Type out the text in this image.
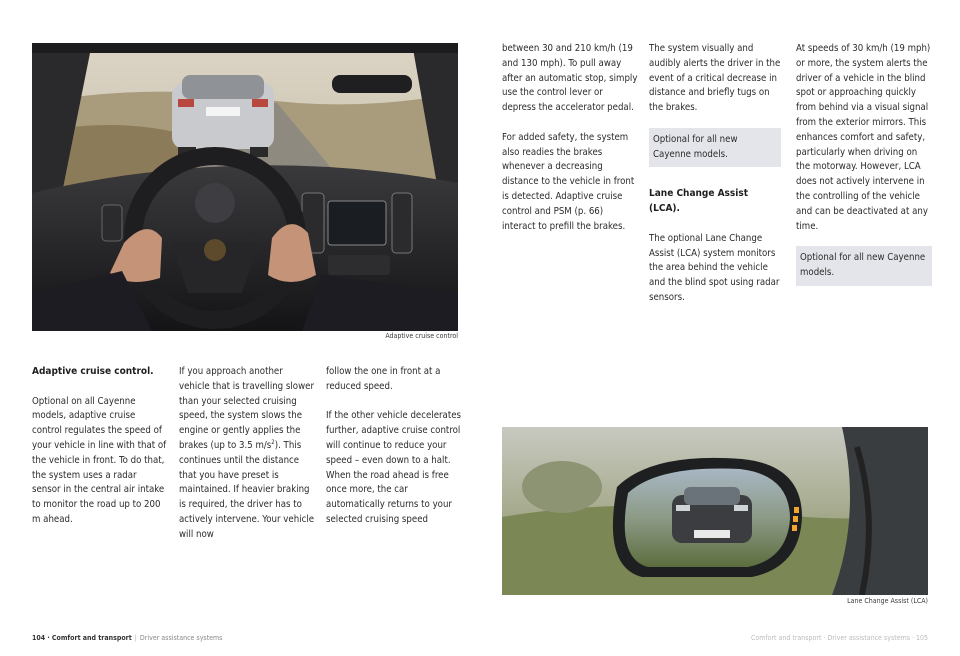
Adaptive cruise control
Adaptive cruise control.

Optional on all Cayenne models, adaptive cruise control regulates the speed of your vehicle in line with that of the vehicle in front. To do that, the system uses a radar sensor in the central air intake to monitor the road up to 200 m ahead.

If you approach another vehicle that is travelling slower than your selected cruising speed, the system slows the engine or gently applies the brakes (up to 3.5 $m/s^2$). This continues until the distance that you have preset is maintained. If heavier braking is required, the driver has to actively intervene. Your vehicle will now

follow the one in front at a reduced speed.

If the other vehicle decelerates further, adaptive cruise control will continue to reduce your speed – even down to a halt. When the road ahead is free once more, the car automatically returns to your selected cruising speed

between 30 and 210 km/h (19 and 130 mph). To pull away after an automatic stop, simply use the control lever or depress the accelerator pedal.

For added safety, the system also readies the brakes whenever a decreasing distance to the vehicle in front is detected. Adaptive cruise control and PSM (p. 66) interact to prefill the brakes.

The system visually and audibly alerts the driver in the event of a critical decrease in distance and briefly tugs on the brakes.

Optional for all new Cayenne models.
Lane Change Assist (LCA).

The optional Lane Change Assist (LCA) system monitors the area behind the vehicle and the blind spot using radar sensors.

At speeds of 30 km/h (19 mph) or more, the system alerts the driver of a vehicle in the blind spot or approaching quickly from behind via a visual signal from the exterior mirrors. This enhances comfort and safety, particularly when driving on the motorway. However, LCA does not actively intervene in the controlling of the vehicle and can be deactivated at any time.

Optional for all new Cayenne models.
Lane Change Assist (LCA)
104 · Comfort and transport | Driver assistance systems	Comfort and transport · Driver assistance systems · 105
